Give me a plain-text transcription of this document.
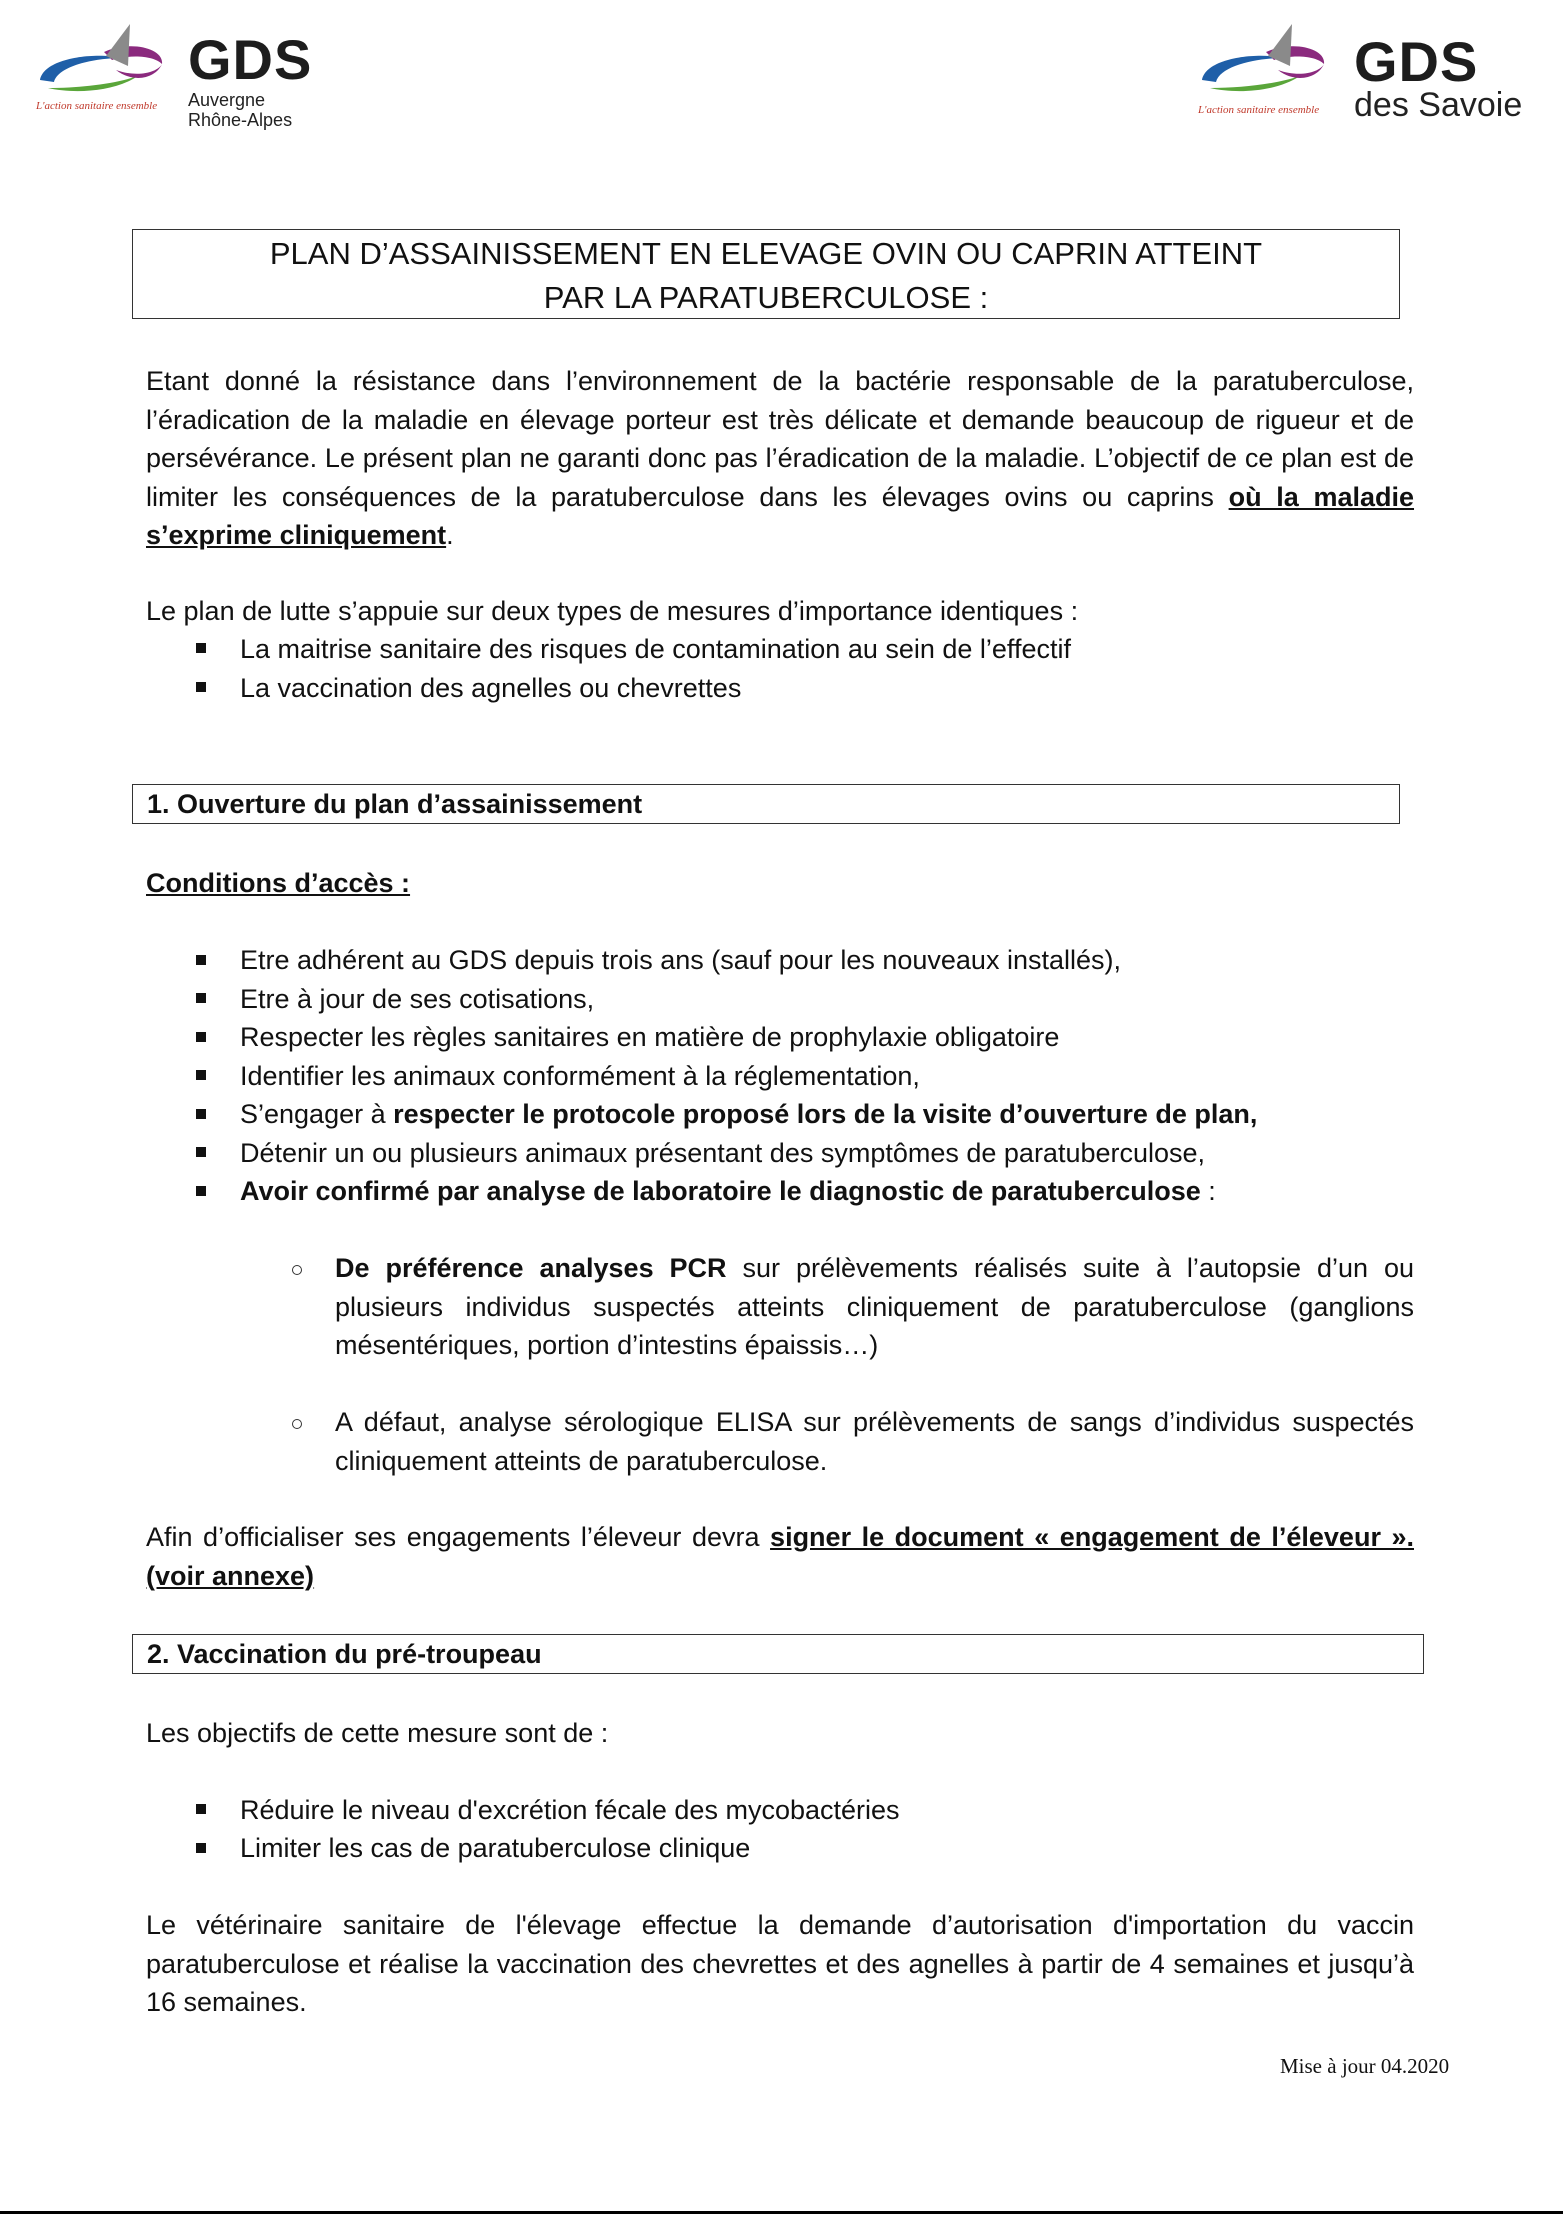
GDS
Auvergne
Rhône-Alpes
L'action sanitaire ensemble
GDS
des Savoie
L'action sanitaire ensemble
PLAN D’ASSAINISSEMENT EN ELEVAGE OVIN OU CAPRIN ATTEINT
PAR LA PARATUBERCULOSE :
Etant donné la résistance dans l’environnement de la bactérie responsable de la paratuberculose, l’éradication de la maladie en élevage porteur est très délicate et demande beaucoup de rigueur et de persévérance. Le présent plan ne garanti donc pas l’éradication de la maladie. L’objectif de ce plan est de limiter les conséquences de la paratuberculose dans les élevages ovins ou caprins où la maladie s’exprime cliniquement.
Le plan de lutte s’appuie sur deux types de mesures d’importance identiques :
La maitrise sanitaire des risques de contamination au sein de l’effectif
La vaccination des agnelles ou chevrettes
1. Ouverture du plan d’assainissement
Conditions d’accès :
Etre adhérent au GDS depuis trois ans (sauf pour les nouveaux installés),
Etre à jour de ses cotisations,
Respecter les règles sanitaires en matière de prophylaxie obligatoire
Identifier les animaux conformément à la réglementation,
S’engager à respecter le protocole proposé lors de la visite d’ouverture de plan,
Détenir un ou plusieurs animaux présentant des symptômes de paratuberculose,
Avoir confirmé par analyse de laboratoire le diagnostic de paratuberculose :
De préférence analyses PCR sur prélèvements réalisés suite à l’autopsie d’un ou plusieurs individus suspectés atteints cliniquement de paratuberculose (ganglions mésentériques, portion d’intestins épaissis…)
A défaut, analyse sérologique ELISA sur prélèvements de sangs d’individus suspectés cliniquement atteints de paratuberculose.
Afin d’officialiser ses engagements l’éleveur devra signer le document « engagement de l’éleveur ». (voir annexe)
2. Vaccination du pré-troupeau
Les objectifs de cette mesure sont de :
Réduire le niveau d'excrétion fécale des mycobactéries
Limiter les cas de paratuberculose clinique
Le vétérinaire sanitaire de l'élevage effectue la demande d’autorisation d'importation du vaccin paratuberculose et réalise la vaccination des chevrettes et des agnelles à partir de 4 semaines et jusqu’à 16 semaines.
Mise à jour 04.2020
